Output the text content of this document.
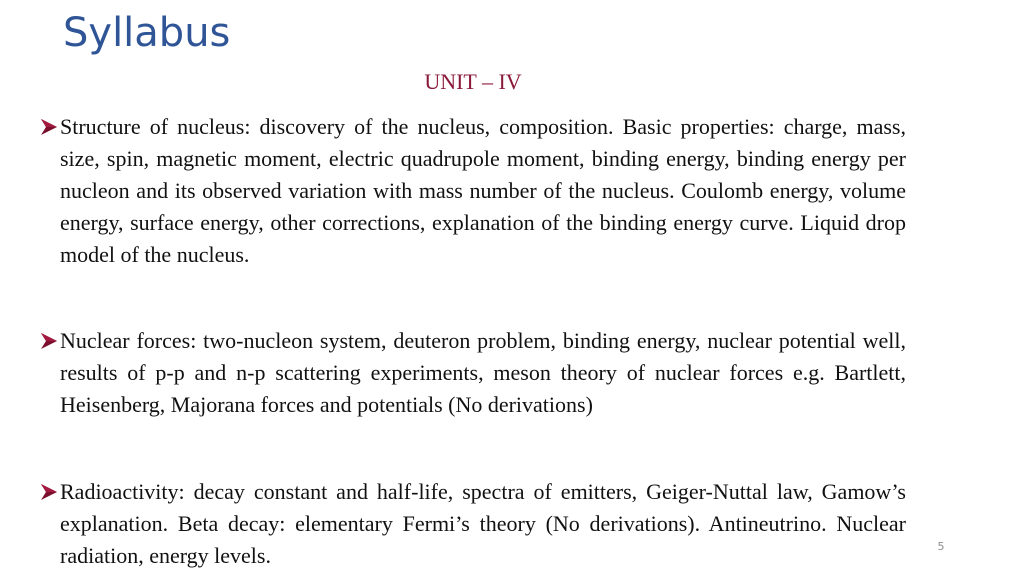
Syllabus
UNIT – IV

Structure of nucleus: discovery of the nucleus, composition. Basic properties: charge, mass, size, spin, magnetic moment, electric quadrupole moment, binding energy, binding energy per nucleon and its observed variation with mass number of the nucleus. Coulomb energy, volume energy, surface energy, other corrections, explanation of the binding energy curve. Liquid drop model of the nucleus.

Nuclear forces: two-nucleon system, deuteron problem, binding energy, nuclear potential well, results of p-p and n-p scattering experiments, meson theory of nuclear forces e.g. Bartlett, Heisenberg, Majorana forces and potentials (No derivations)

Radioactivity: decay constant and half-life, spectra of emitters, Geiger-Nuttal law, Gamow’s explanation. Beta decay: elementary Fermi’s theory (No derivations). Antineutrino. Nuclear radiation, energy levels.	5
